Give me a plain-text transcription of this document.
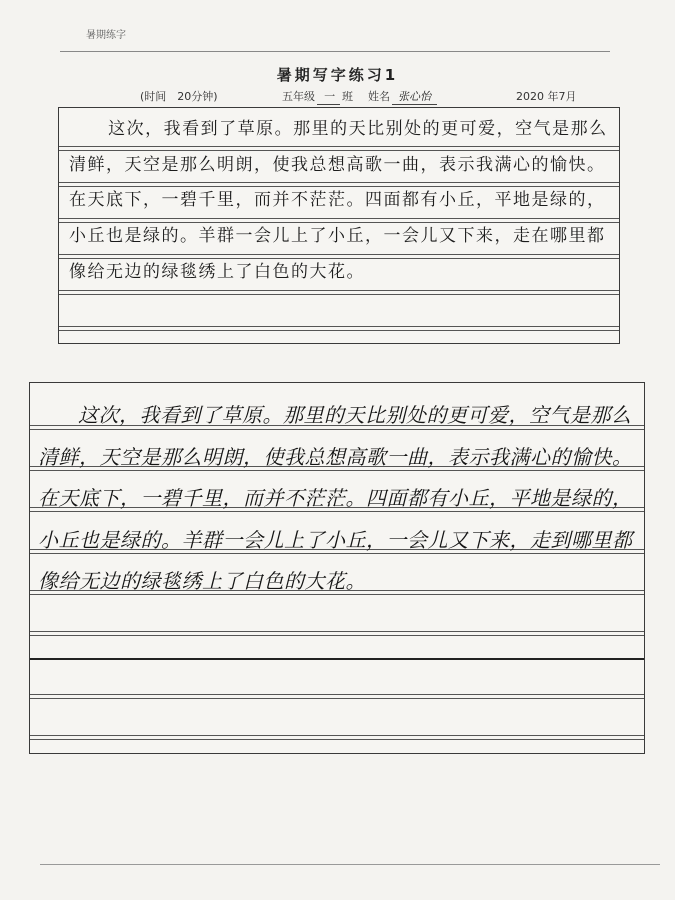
暑期练字
暑期写字练习1
(时间　20分钟)	五年级 一 班 姓名 张心怡	2020 年7月
这次，我看到了草原。那里的天比别处的更可爱，空气是那么清鲜，天空是那么明朗，使我总想高歌一曲，表示我满心的愉快。在天底下，一碧千里，而并不茫茫。四面都有小丘，平地是绿的，小丘也是绿的。羊群一会儿上了小丘，一会儿又下来，走在哪里都像给无边的绿毯绣上了白色的大花。
这次，我看到了草原。那里的天比别处的更可爱，空气是那么清鲜，天空是那么明朗，使我总想高歌一曲，表示我满心的愉快。在天底下，一碧千里，而并不茫茫。四面都有小丘，平地是绿的，小丘也是绿的。羊群一会儿上了小丘，一会儿又下来，走到哪里都像给无边的绿毯绣上了白色的大花。
